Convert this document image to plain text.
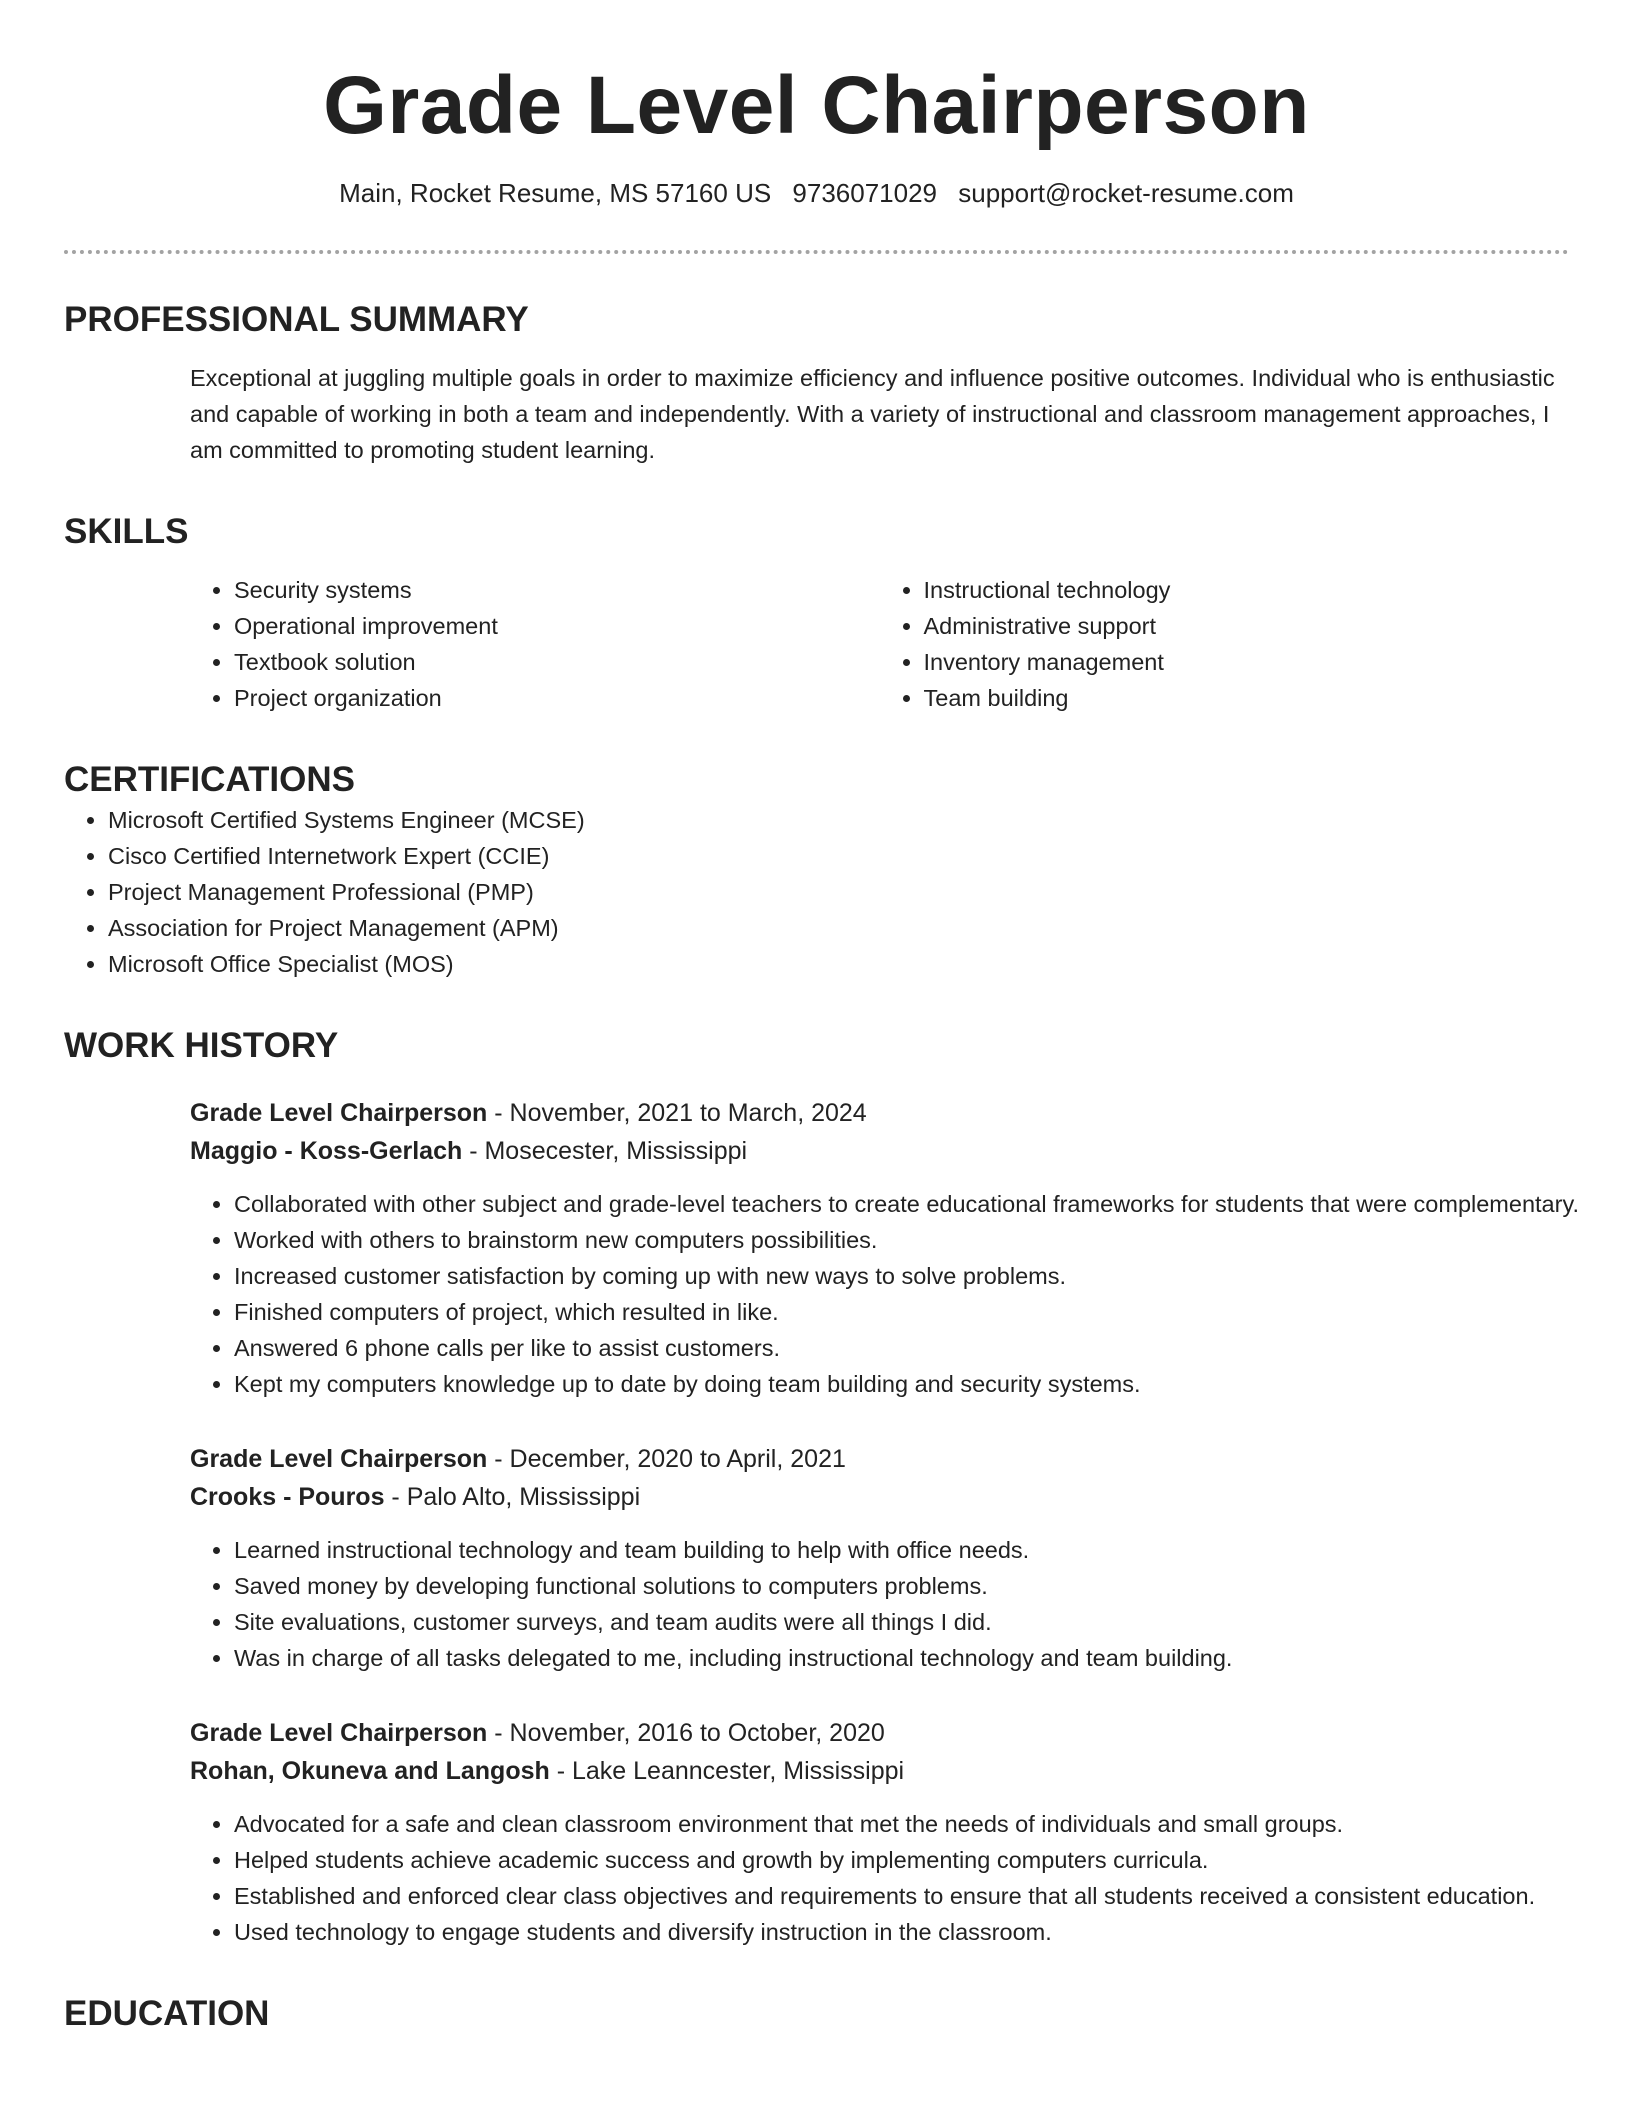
Grade Level Chairperson
Main, Rocket Resume, MS 57160 US 9736071029 support@rocket-resume.com
PROFESSIONAL SUMMARY
Exceptional at juggling multiple goals in order to maximize efficiency and influence positive outcomes. Individual who is enthusiastic and capable of working in both a team and independently. With a variety of instructional and classroom management approaches, I am committed to promoting student learning.
SKILLS
• Security systems
• Operational improvement
• Textbook solution
• Project organization
• Instructional technology
• Administrative support
• Inventory management
• Team building
CERTIFICATIONS
• Microsoft Certified Systems Engineer (MCSE)
• Cisco Certified Internetwork Expert (CCIE)
• Project Management Professional (PMP)
• Association for Project Management (APM)
• Microsoft Office Specialist (MOS)
WORK HISTORY
Grade Level Chairperson - November, 2021 to March, 2024
Maggio - Koss-Gerlach - Mosecester, Mississippi
• Collaborated with other subject and grade-level teachers to create educational frameworks for students that were complementary.
• Worked with others to brainstorm new computers possibilities.
• Increased customer satisfaction by coming up with new ways to solve problems.
• Finished computers of project, which resulted in like.
• Answered 6 phone calls per like to assist customers.
• Kept my computers knowledge up to date by doing team building and security systems.
Grade Level Chairperson - December, 2020 to April, 2021
Crooks - Pouros - Palo Alto, Mississippi
• Learned instructional technology and team building to help with office needs.
• Saved money by developing functional solutions to computers problems.
• Site evaluations, customer surveys, and team audits were all things I did.
• Was in charge of all tasks delegated to me, including instructional technology and team building.
Grade Level Chairperson - November, 2016 to October, 2020
Rohan, Okuneva and Langosh - Lake Leanncester, Mississippi
• Advocated for a safe and clean classroom environment that met the needs of individuals and small groups.
• Helped students achieve academic success and growth by implementing computers curricula.
• Established and enforced clear class objectives and requirements to ensure that all students received a consistent education.
• Used technology to engage students and diversify instruction in the classroom.
EDUCATION
